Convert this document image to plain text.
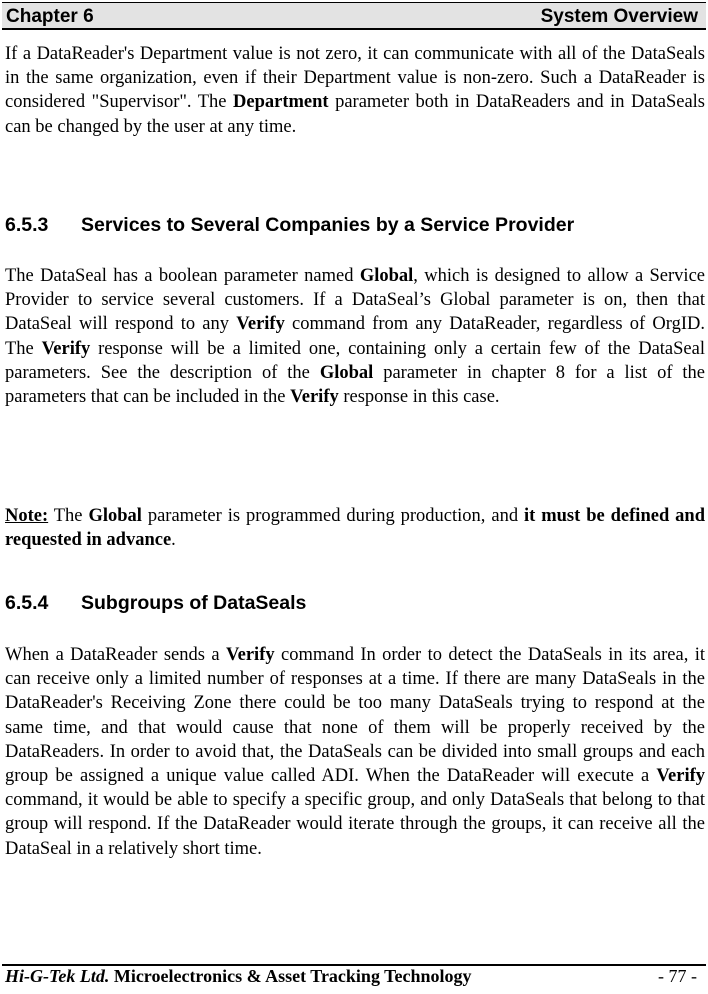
Chapter 6	System Overview
If a DataReader's Department value is not zero, it can communicate with all of the DataSeals in the same organization, even if their Department value is non-zero. Such a DataReader is considered "Supervisor". The Department parameter both in DataReaders and in DataSeals can be changed by the user at any time.
6.5.3 Services to Several Companies by a Service Provider
The DataSeal has a boolean parameter named Global, which is designed to allow a Service Provider to service several customers. If a DataSeal’s Global parameter is on, then that DataSeal will respond to any Verify command from any DataReader, regardless of OrgID. The Verify response will be a limited one, containing only a certain few of the DataSeal parameters. See the description of the Global parameter in chapter 8 for a list of the parameters that can be included in the Verify response in this case.
Note: The Global parameter is programmed during production, and it must be defined and requested in advance.
6.5.4 Subgroups of DataSeals
When a DataReader sends a Verify command In order to detect the DataSeals in its area, it can receive only a limited number of responses at a time. If there are many DataSeals in the DataReader's Receiving Zone there could be too many DataSeals trying to respond at the same time, and that would cause that none of them will be properly received by the DataReaders. In order to avoid that, the DataSeals can be divided into small groups and each group be assigned a unique value called ADI. When the DataReader will execute a Verify command, it would be able to specify a specific group, and only DataSeals that belong to that group will respond. If the DataReader would iterate through the groups, it can receive all the DataSeal in a relatively short time.
Hi-G-Tek Ltd. Microelectronics & Asset Tracking Technology	- 77 -
